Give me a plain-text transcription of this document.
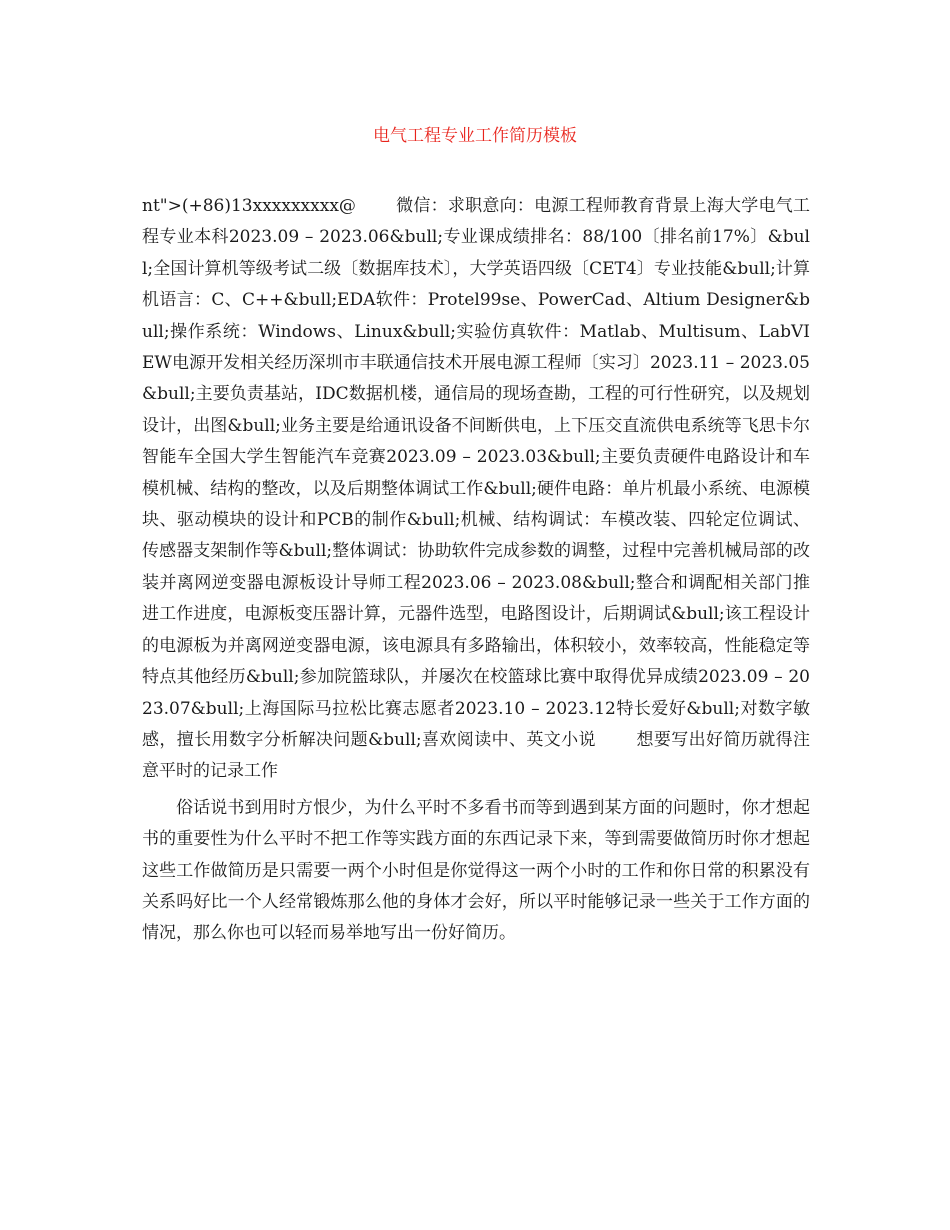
电气工程专业工作简历模板

nt">(+86)13xxxxxxxxx@ 　　微信：求职意向：电源工程师教育背景上海大学电气工程专业本科2023.09 – 2023.06&bull;专业课成绩排名：88/100〔排名前17%〕&bull;全国计算机等级考试二级〔数据库技术〕，大学英语四级〔CET4〕专业技能&bull;计算机语言：C、C++&bull;EDA软件：Protel99se、PowerCad、Altium Designer&bull;操作系统：Windows、Linux&bull;实验仿真软件：Matlab、Multisum、LabVIEW电源开发相关经历深圳市丰联通信技术开展电源工程师〔实习〕2023.11 – 2023.05&bull;主要负责基站，IDC数据机楼，通信局的现场查勘，工程的可行性研究，以及规划设计，出图&bull;业务主要是给通讯设备不间断供电，上下压交直流供电系统等飞思卡尔智能车全国大学生智能汽车竞赛2023.09 – 2023.03&bull;主要负责硬件电路设计和车模机械、结构的整改，以及后期整体调试工作&bull;硬件电路：单片机最小系统、电源模块、驱动模块的设计和PCB的制作&bull;机械、结构调试：车模改装、四轮定位调试、传感器支架制作等&bull;整体调试：协助软件完成参数的调整，过程中完善机械局部的改装并离网逆变器电源板设计导师工程2023.06 – 2023.08&bull;整合和调配相关部门推进工作进度，电源板变压器计算，元器件选型，电路图设计，后期调试&bull;该工程设计的电源板为并离网逆变器电源，该电源具有多路输出，体积较小，效率较高，性能稳定等特点其他经历&bull;参加院篮球队，并屡次在校篮球比赛中取得优异成绩2023.09 – 2023.07&bull;上海国际马拉松比赛志愿者2023.10 – 2023.12特长爱好&bull;对数字敏感，擅长用数字分析解决问题&bull;喜欢阅读中、英文小说 　　想要写出好简历就得注意平时的记录工作

俗话说书到用时方恨少，为什么平时不多看书而等到遇到某方面的问题时，你才想起书的重要性为什么平时不把工作等实践方面的东西记录下来，等到需要做简历时你才想起这些工作做简历是只需要一两个小时但是你觉得这一两个小时的工作和你日常的积累没有关系吗好比一个人经常锻炼那么他的身体才会好，所以平时能够记录一些关于工作方面的情况，那么你也可以轻而易举地写出一份好简历。
